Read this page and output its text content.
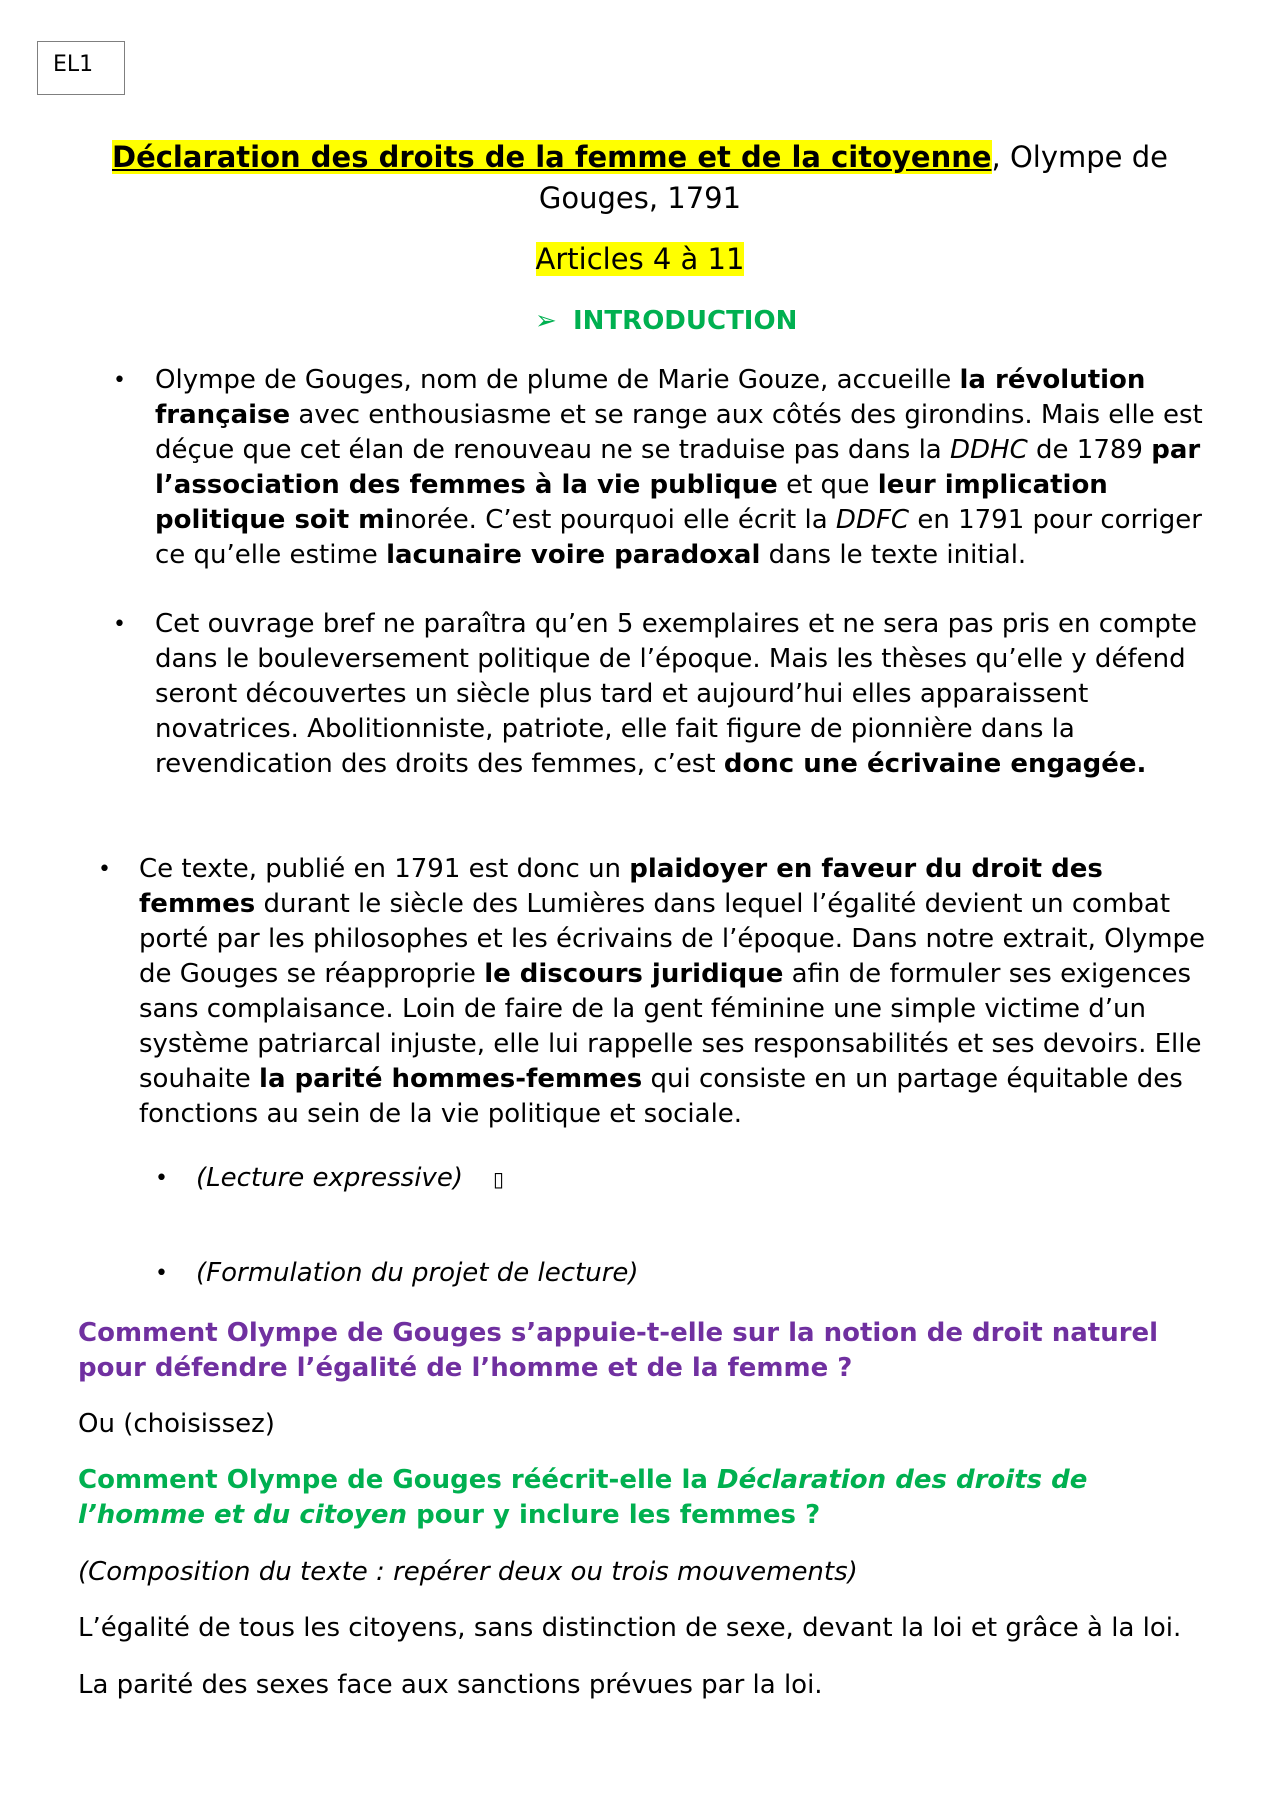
EL1
Déclaration des droits de la femme et de la citoyenne, Olympe de
Gouges, 1791
Articles 4 à 11
➢ INTRODUCTION
• Olympe de Gouges, nom de plume de Marie Gouze, accueille la révolution française avec enthousiasme et se range aux côtés des girondins. Mais elle est déçue que cet élan de renouveau ne se traduise pas dans la DDHC de 1789 par l’association des femmes à la vie publique et que leur implication politique soit minorée. C’est pourquoi elle écrit la DDFC en 1791 pour corriger ce qu’elle estime lacunaire voire paradoxal dans le texte initial.
• Cet ouvrage bref ne paraîtra qu’en 5 exemplaires et ne sera pas pris en compte dans le bouleversement politique de l’époque. Mais les thèses qu’elle y défend seront découvertes un siècle plus tard et aujourd’hui elles apparaissent novatrices. Abolitionniste, patriote, elle fait figure de pionnière dans la revendication des droits des femmes, c’est donc une écrivaine engagée.
• Ce texte, publié en 1791 est donc un plaidoyer en faveur du droit des femmes durant le siècle des Lumières dans lequel l’égalité devient un combat porté par les philosophes et les écrivains de l’époque. Dans notre extrait, Olympe de Gouges se réapproprie le discours juridique afin de formuler ses exigences sans complaisance. Loin de faire de la gent féminine une simple victime d’un système patriarcal injuste, elle lui rappelle ses responsabilités et ses devoirs. Elle souhaite la parité hommes-femmes qui consiste en un partage équitable des fonctions au sein de la vie politique et sociale.
• (Lecture expressive) ▯
• (Formulation du projet de lecture)
Comment Olympe de Gouges s’appuie-t-elle sur la notion de droit naturel pour défendre l’égalité de l’homme et de la femme ?
Ou (choisissez)
Comment Olympe de Gouges réécrit-elle la Déclaration des droits de l’homme et du citoyen pour y inclure les femmes ?
(Composition du texte : repérer deux ou trois mouvements)
L’égalité de tous les citoyens, sans distinction de sexe, devant la loi et grâce à la loi.
La parité des sexes face aux sanctions prévues par la loi.
